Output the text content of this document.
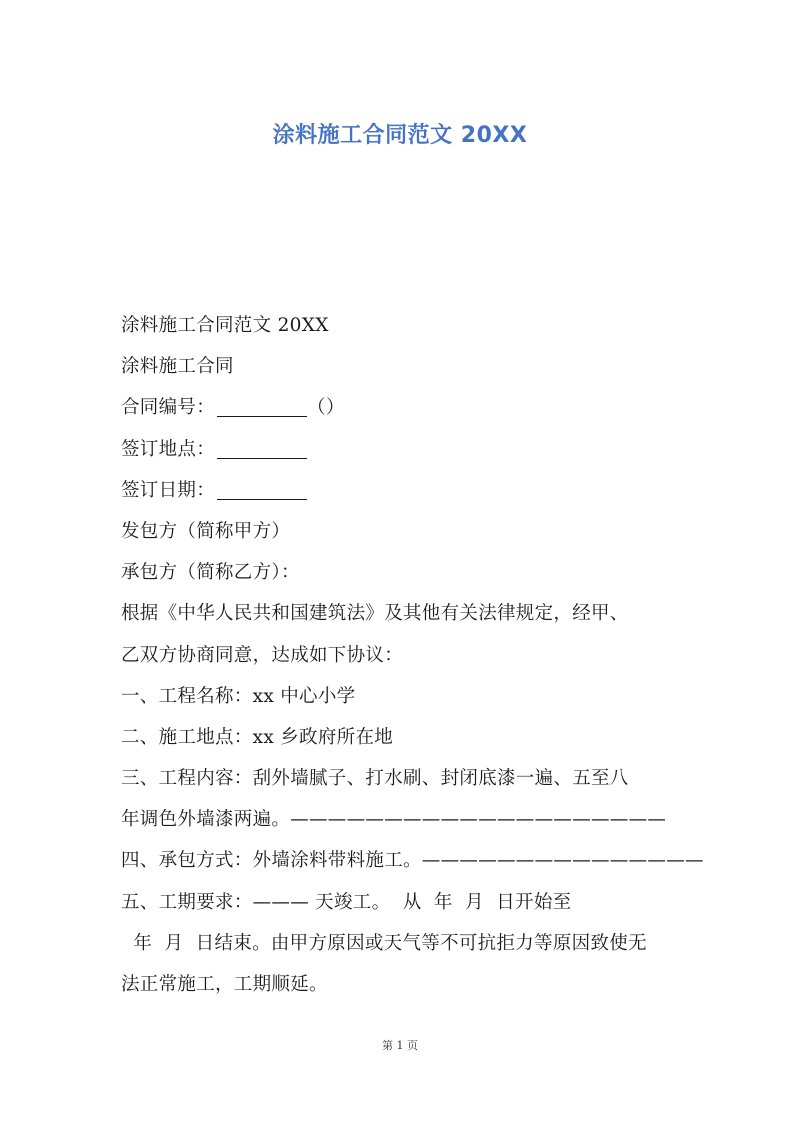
涂料施工合同范文 20XX
涂料施工合同范文 20XX
涂料施工合同
合同编号：	（）
签订地点：
签订日期：
发包方（简称甲方）
承包方（简称乙方）：
根据《中华人民共和国建筑法》及其他有关法律规定，经甲、
乙双方协商同意，达成如下协议：
一、工程名称：xx 中心小学
二、施工地点：xx 乡政府所在地
三、工程内容：刮外墙腻子、打水刷、封闭底漆一遍、五至八
年调色外墙漆两遍。————————————————————
四、承包方式：外墙涂料带料施工。———————————————
五、工期要求：——— 天竣工。  从  年  月  日开始至
年  月  日结束。由甲方原因或天气等不可抗拒力等原因致使无
法正常施工，工期顺延。
第 1 页
